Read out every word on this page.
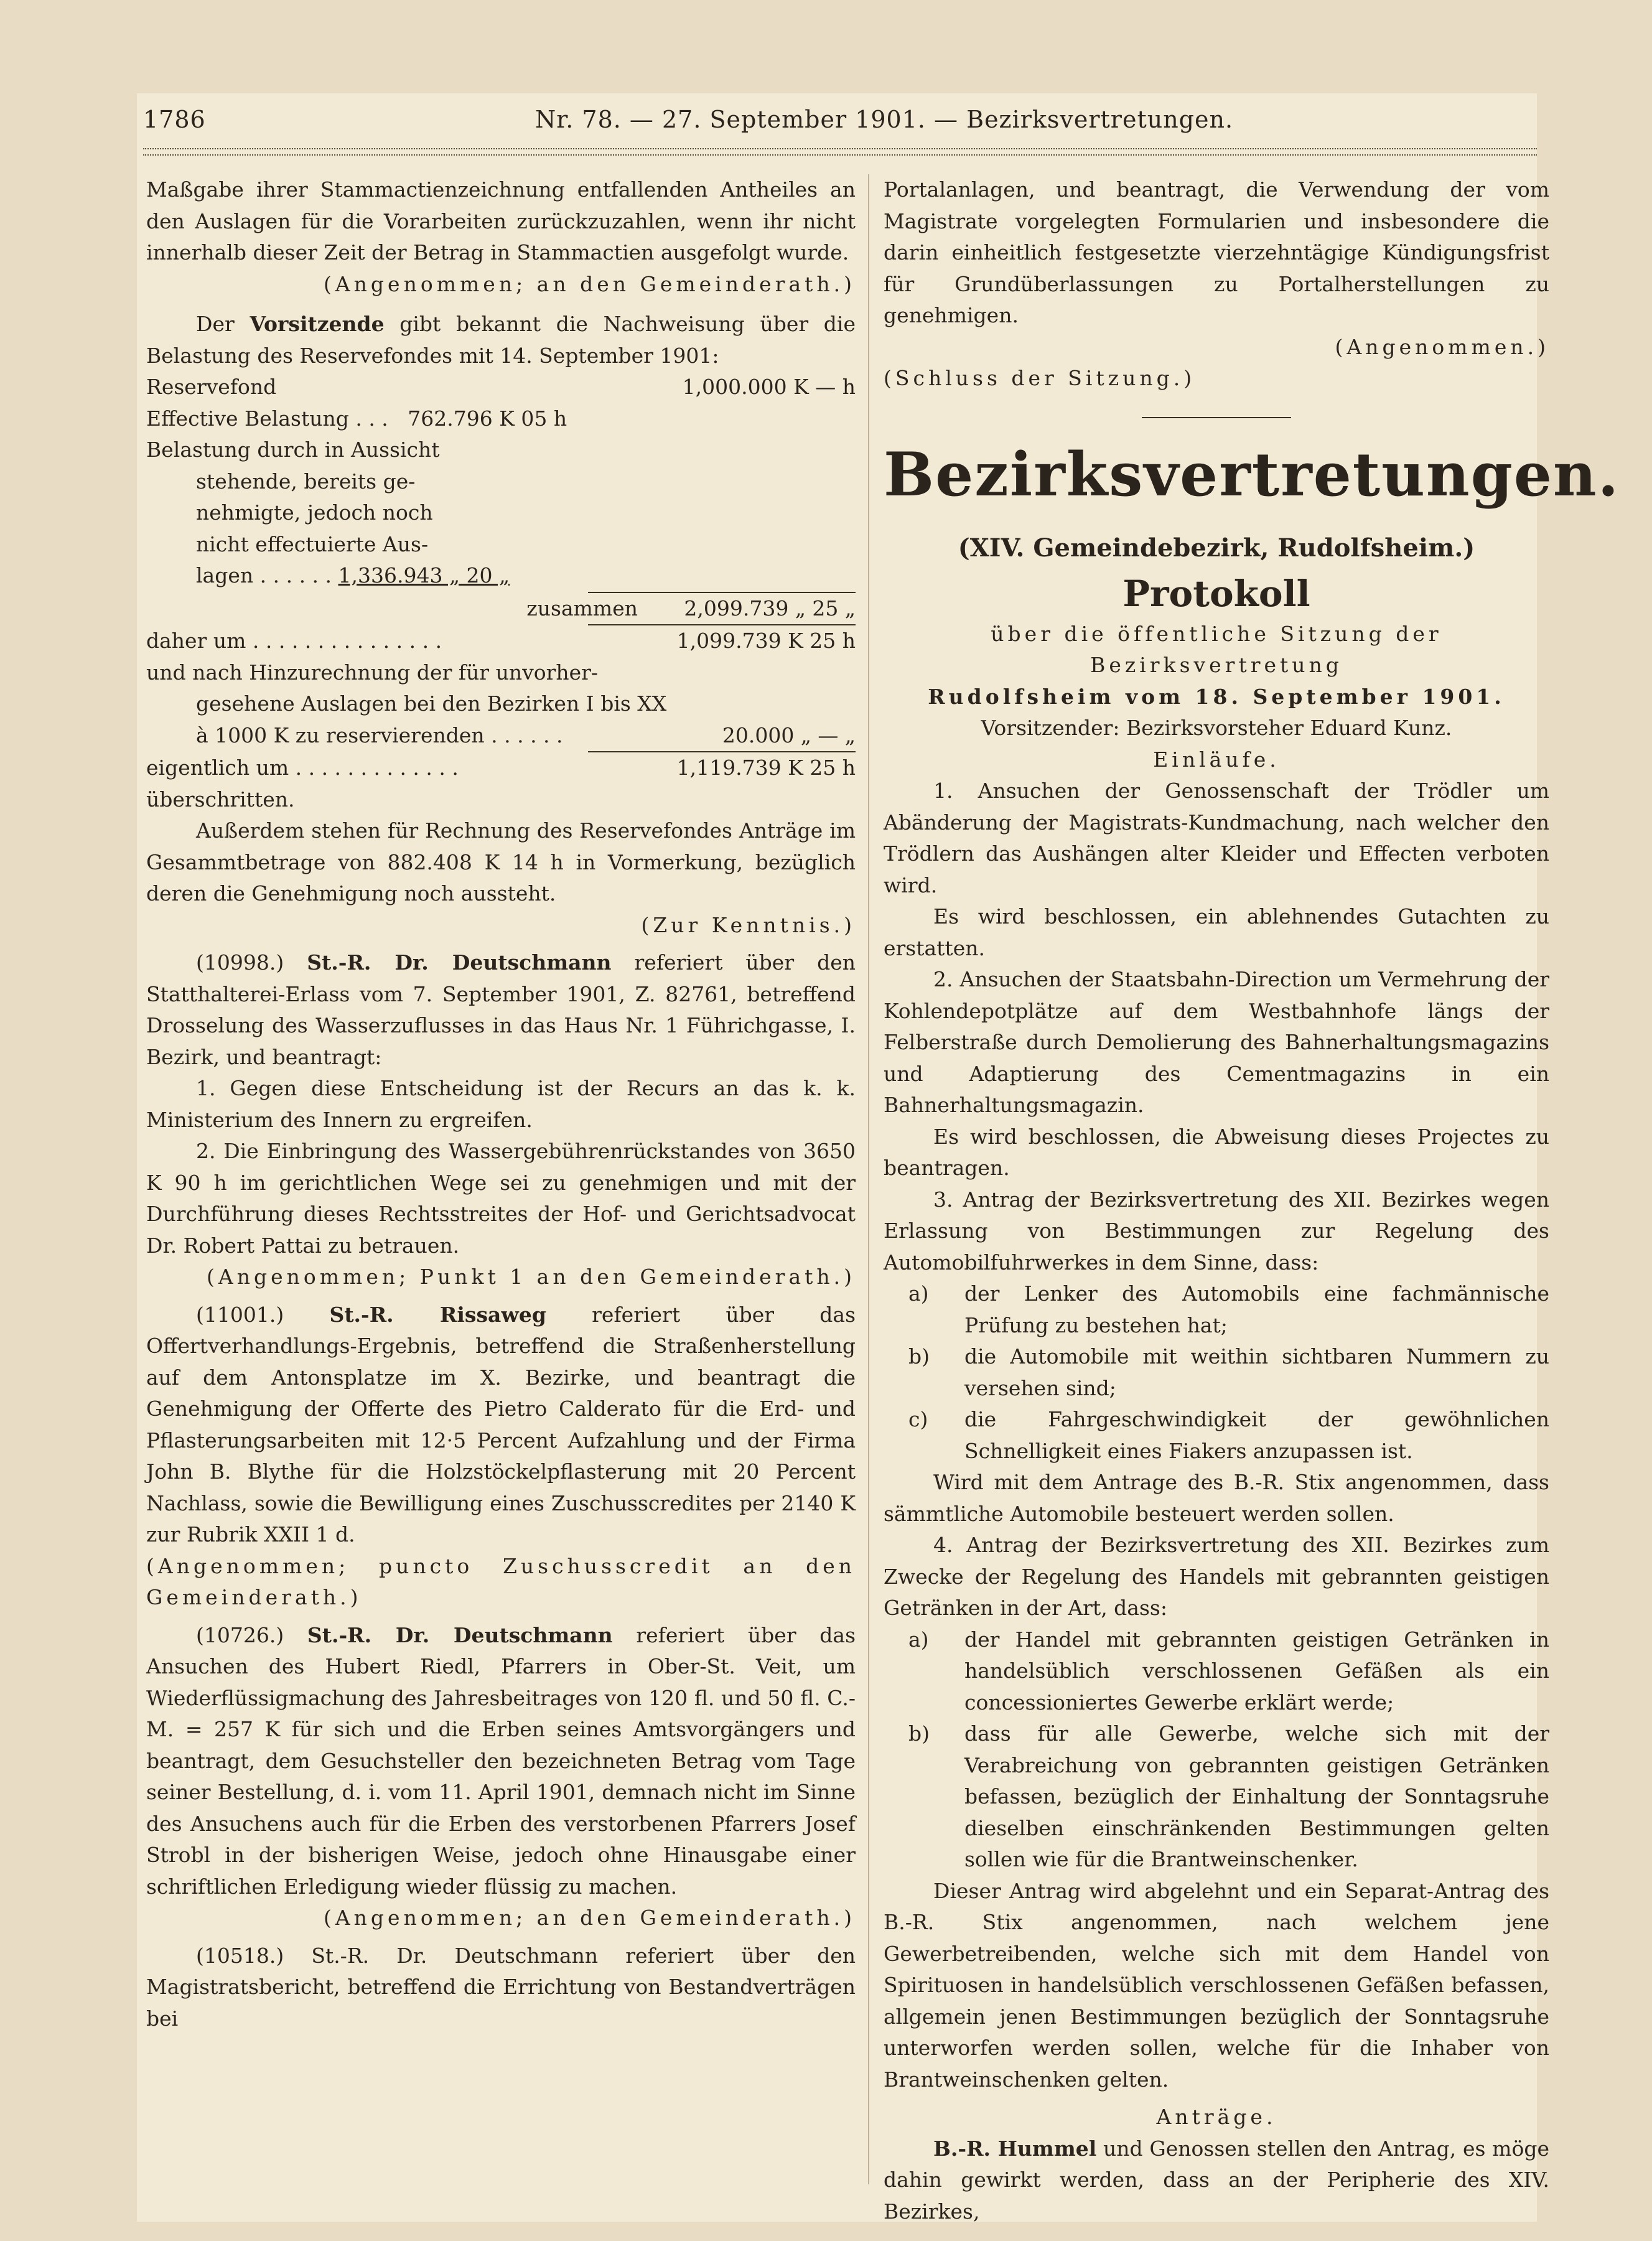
1786	Nr. 78. — 27. September 1901. — Bezirksvertretungen.

Maßgabe ihrer Stammactienzeichnung entfallenden Antheiles an den Auslagen für die Vorarbeiten zurückzuzahlen, wenn ihr nicht innerhalb dieser Zeit der Betrag in Stammactien ausgefolgt wurde.

(Angenommen; an den Gemeinderath.)

Der Vorsitzende gibt bekannt die Nachweisung über die Belastung des Reservefondes mit 14. September 1901:

Reservefond	1,000.000 K — h
Effective Belastung . . . 762.796 K 05 h
Belastung durch in Aussicht
stehende, bereits ge-
nehmigte, jedoch noch
nicht effectuierte Aus-
lagen . . . . . . 1,336.943 „ 20 „
zusammen	2,099.739 „ 25 „
daher um . . . . . . . . . . . . . . .	1,099.739 K 25 h
und nach Hinzurechnung der für unvorher-
gesehene Auslagen bei den Bezirken I bis XX
à 1000 K zu reservierenden . . . . . .	20.000 „ — „
eigentlich um . . . . . . . . . . . . .	1,119.739 K 25 h
überschritten.

Außerdem stehen für Rechnung des Reservefondes Anträge im Gesammtbetrage von 882.408 K 14 h in Vormerkung, bezüglich deren die Genehmigung noch aussteht.

(Zur Kenntnis.)

(10998.) St.-R. Dr. Deutschmann referiert über den Statthalterei-Erlass vom 7. September 1901, Z. 82761, betreffend Drosselung des Wasserzuflusses in das Haus Nr. 1 Führichgasse, I. Bezirk, und beantragt:

1. Gegen diese Entscheidung ist der Recurs an das k. k. Ministerium des Innern zu ergreifen.

2. Die Einbringung des Wassergebührenrückstandes von 3650 K 90 h im gerichtlichen Wege sei zu genehmigen und mit der Durchführung dieses Rechtsstreites der Hof- und Gerichtsadvocat Dr. Robert Pattai zu betrauen.

(Angenommen; Punkt 1 an den Gemeinderath.)

(11001.) St.-R. Rissaweg referiert über das Offertverhandlungs-Ergebnis, betreffend die Straßenherstellung auf dem Antonsplatze im X. Bezirke, und beantragt die Genehmigung der Offerte des Pietro Calderato für die Erd- und Pflasterungsarbeiten mit 12·5 Percent Aufzahlung und der Firma John B. Blythe für die Holzstöckelpflasterung mit 20 Percent Nachlass, sowie die Bewilligung eines Zuschusscredites per 2140 K zur Rubrik XXII 1 d.

(Angenommen; puncto Zuschusscredit an den Gemeinderath.)

(10726.) St.-R. Dr. Deutschmann referiert über das Ansuchen des Hubert Riedl, Pfarrers in Ober-St. Veit, um Wiederflüssigmachung des Jahresbeitrages von 120 fl. und 50 fl. C.-M. = 257 K für sich und die Erben seines Amtsvorgängers und beantragt, dem Gesuchsteller den bezeichneten Betrag vom Tage seiner Bestellung, d. i. vom 11. April 1901, demnach nicht im Sinne des Ansuchens auch für die Erben des verstorbenen Pfarrers Josef Strobl in der bisherigen Weise, jedoch ohne Hinausgabe einer schriftlichen Erledigung wieder flüssig zu machen.

(Angenommen; an den Gemeinderath.)

(10518.) St.-R. Dr. Deutschmann referiert über den Magistratsbericht, betreffend die Errichtung von Bestandverträgen bei

Portalanlagen, und beantragt, die Verwendung der vom Magistrate vorgelegten Formularien und insbesondere die darin einheitlich festgesetzte vierzehntägige Kündigungsfrist für Grundüberlassungen zu Portalherstellungen zu genehmigen.

(Angenommen.)

(Schluss der Sitzung.)

Bezirksvertretungen.
(XIV. Gemeindebezirk, Rudolfsheim.)
Protokoll

über die öffentliche Sitzung der Bezirksvertretung

Rudolfsheim vom 18. September 1901.

Vorsitzender: Bezirksvorsteher Eduard Kunz.

Einläufe.

1. Ansuchen der Genossenschaft der Trödler um Abänderung der Magistrats-Kundmachung, nach welcher den Trödlern das Aushängen alter Kleider und Effecten verboten wird.

Es wird beschlossen, ein ablehnendes Gutachten zu erstatten.

2. Ansuchen der Staatsbahn-Direction um Vermehrung der Kohlendepotplätze auf dem Westbahnhofe längs der Felberstraße durch Demolierung des Bahnerhaltungsmagazins und Adaptierung des Cementmagazins in ein Bahnerhaltungsmagazin.

Es wird beschlossen, die Abweisung dieses Projectes zu beantragen.

3. Antrag der Bezirksvertretung des XII. Bezirkes wegen Erlassung von Bestimmungen zur Regelung des Automobilfuhrwerkes in dem Sinne, dass:

a)	der Lenker des Automobils eine fachmännische Prüfung zu bestehen hat;
b)	die Automobile mit weithin sichtbaren Nummern zu versehen sind;
c)	die Fahrgeschwindigkeit der gewöhnlichen Schnelligkeit eines Fiakers anzupassen ist.

Wird mit dem Antrage des B.-R. Stix angenommen, dass sämmtliche Automobile besteuert werden sollen.

4. Antrag der Bezirksvertretung des XII. Bezirkes zum Zwecke der Regelung des Handels mit gebrannten geistigen Getränken in der Art, dass:

a)	der Handel mit gebrannten geistigen Getränken in handelsüblich verschlossenen Gefäßen als ein concessioniertes Gewerbe erklärt werde;
b)	dass für alle Gewerbe, welche sich mit der Verabreichung von gebrannten geistigen Getränken befassen, bezüglich der Einhaltung der Sonntagsruhe dieselben einschränkenden Bestimmungen gelten sollen wie für die Brantweinschenker.

Dieser Antrag wird abgelehnt und ein Separat-Antrag des B.-R. Stix angenommen, nach welchem jene Gewerbetreibenden, welche sich mit dem Handel von Spirituosen in handelsüblich verschlossenen Gefäßen befassen, allgemein jenen Bestimmungen bezüglich der Sonntagsruhe unterworfen werden sollen, welche für die Inhaber von Brantweinschenken gelten.

Anträge.

B.-R. Hummel und Genossen stellen den Antrag, es möge dahin gewirkt werden, dass an der Peripherie des XIV. Bezirkes,
